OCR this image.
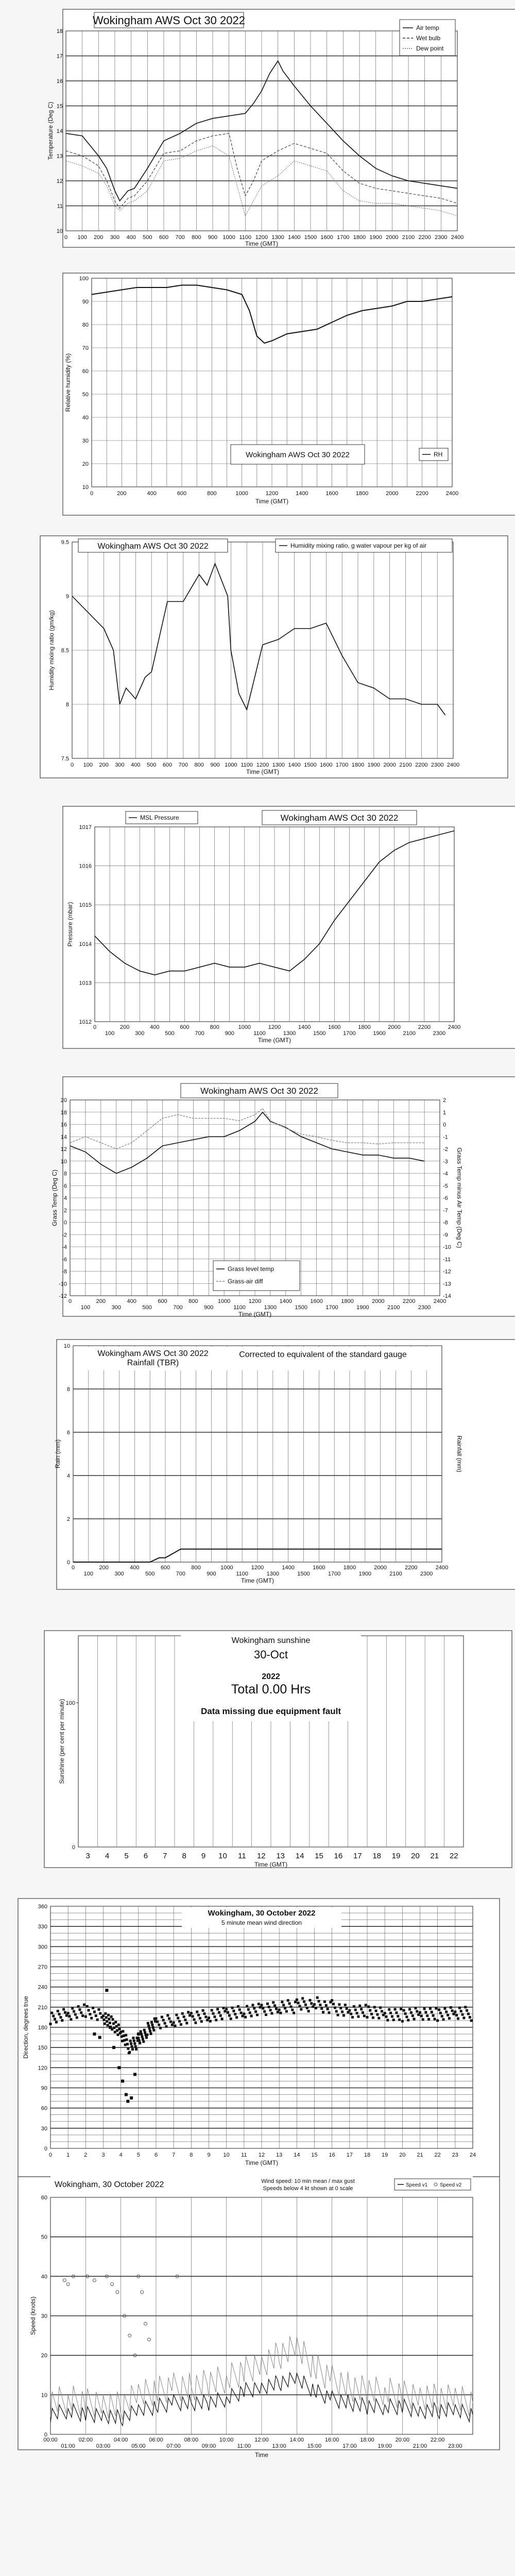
10
11
12
13
14
15
16
17
18
0 100 200 300 400 500 600 700 800 900 1000 1100 1200 1300 1400 1500 1600 1700 1800 1900 2000 2100 2200 2300 2400
Time (GMT)
Temperature (Deg C)
Wokingham AWS Oct 30 2022
Air temp
Wet bulb
Dew point
10
20
30
40
50
60
70
80
90
100
0	200	400	600	800	1000	1200	1400	1600	1800	2000	2200	2400
Time (GMT)
Relative humidity (%)
Wokingham AWS Oct 30 2022	RH
7.5
8
8.5
9
9.5
0 100 200 300 400 500 600 700 800 900 1000 1100 1200 1300 1400 1500 1600 1700 1800 1900 2000 2100 2200 2300 2400
Time (GMT)
Humidity mixing ratio (gm/kg)
Wokingham AWS Oct 30 2022	Humidity mixing ratio, g water vapour per kg of air
1012
1013
1014
1015
1016
1017
0
100
200
300
400
500
600
700
800
900
1000
1100
1200
1300
1400
1500
1600
1700
1800
1900
2000
2100
2200
2300
2400
Time (GMT)
Pressure (mbar)
Wokingham AWS Oct 30 2022
MSL Pressure
-12
-10
-8
-6
-4
-2
0
2
4
6
8
10
12
14
16
18
20
-14
-13
-12
-11
-10
-9
-8
-7
-6
-5
-4
-3
-2
-1
0
1
2
0
100
200
300
400
500
600
700
800
900
1000
1100
1200
1300
1400
1500
1600
1700
1800
1900
2000
2100
2200
2300
2400
Time (GMT)
Grass Temp (Deg C)	Grass Temp minus Air Temp (Deg C)
Wokingham AWS Oct 30 2022
Grass level temp
Grass-air diff
0
2
4
6
8
10
0
100
200
300
400
500
600
700
800
900
1000
1100
1200
1300
1400
1500
1600
1700
1800
1900
2000
2100
2200
2300
2400
Time (GMT)
Rain (mm)	Rainfall (mm)
Wokingham AWS Oct 30 2022
Rainfall (TBR)
Corrected to equivalent of the standard gauge
0
100
Sunshine (per cent per minute)
3 4 5 6 7 8 9 10 11 12 13 14 15 16 17 18 19 20 21 22
Time (GMT)
Wokingham sunshine
30-Oct
2022
Total 0.00 Hrs
Data missing due equipment fault
0
30
60
90
120
150
180
210
240
270
300
330
360
0	1	2	3	4	5	6	7	8	9 10 11 12 13 14 15 16 17 18 19 20 21 22 23 24
Time (GMT)
Direction, degrees true
Wokingham, 30 October 2022
5 minute mean wind direction
0
10
20
30
40
50
60
00:00	02:00	04:00	06:00	08:00	10:00	12:00	14:00	16:00	18:00	20:00	22:00
01:00	03:00	05:00	07:00	09:00	11:00	13:00	15:00	17:00	19:00	21:00	23:00
Time
Speed (knots)
Wokingham, 30 October 2022	Wind speed: 10 min mean / max gust
Speeds below 4 kt shown at 0 scale
Speed v1 Speed v2
